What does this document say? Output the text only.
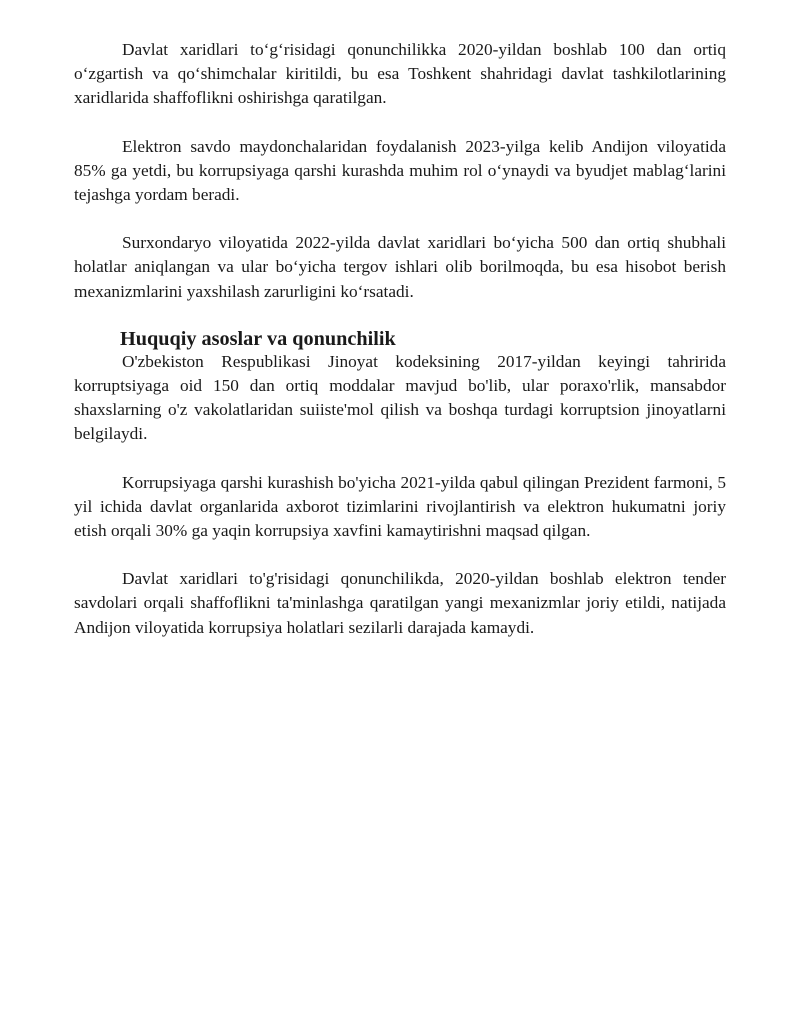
Davlat xaridlari to‘g‘risidagi qonunchilikka 2020-yildan boshlab 100 dan ortiq o‘zgartish va qo‘shimchalar kiritildi, bu esa Toshkent shahridagi davlat tashkilotlarining xaridlarida shaffoflikni oshirishga qaratilgan.

Elektron savdo maydonchalaridan foydalanish 2023-yilga kelib Andijon viloyatida 85% ga yetdi, bu korrupsiyaga qarshi kurashda muhim rol o‘ynaydi va byudjet mablag‘larini tejashga yordam beradi.

Surxondaryo viloyatida 2022-yilda davlat xaridlari bo‘yicha 500 dan ortiq shubhali holatlar aniqlangan va ular bo‘yicha tergov ishlari olib borilmoqda, bu esa hisobot berish mexanizmlarini yaxshilash zarurligini ko‘rsatadi.

Huquqiy asoslar va qonunchilik

O'zbekiston Respublikasi Jinoyat kodeksining 2017-yildan keyingi tahririda korruptsiyaga oid 150 dan ortiq moddalar mavjud bo'lib, ular poraxo'rlik, mansabdor shaxslarning o'z vakolatlaridan suiiste'mol qilish va boshqa turdagi korruptsion jinoyatlarni belgilaydi.

Korrupsiyaga qarshi kurashish bo'yicha 2021-yilda qabul qilingan Prezident farmoni, 5 yil ichida davlat organlarida axborot tizimlarini rivojlantirish va elektron hukumatni joriy etish orqali 30% ga yaqin korrupsiya xavfini kamaytirishni maqsad qilgan.

Davlat xaridlari to'g'risidagi qonunchilikda, 2020-yildan boshlab elektron tender savdolari orqali shaffoflikni ta'minlashga qaratilgan yangi mexanizmlar joriy etildi, natijada Andijon viloyatida korrupsiya holatlari sezilarli darajada kamaydi.
